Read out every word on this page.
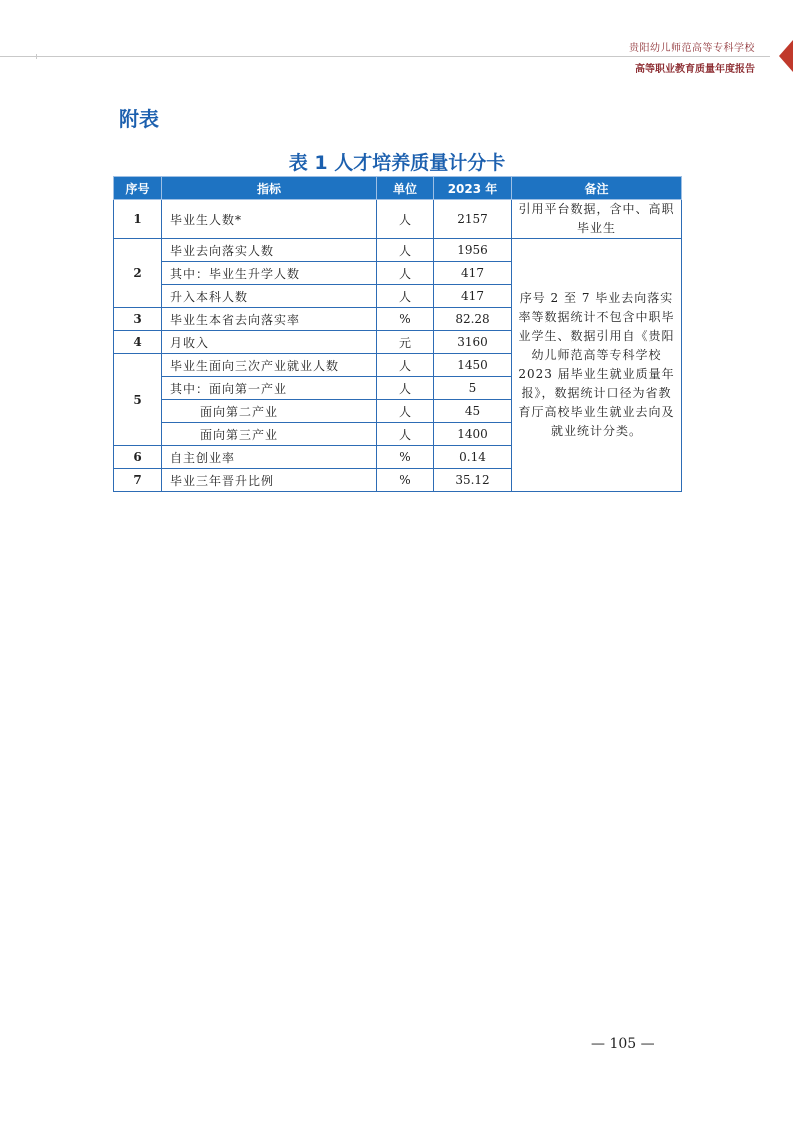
贵阳幼儿师范高等专科学校
高等职业教育质量年度报告
附表
表 1 人才培养质量计分卡
序号	指标	单位	2023 年	备注
1	毕业生人数*	人	2157	引用平台数据，含中、高职毕业生
2	毕业去向落实人数	人	1956	序号 2 至 7 毕业去向落实率等数据统计不包含中职毕业学生、数据引用自《贵阳幼儿师范高等专科学校 2023 届毕业生就业质量年报》，数据统计口径为省教育厅高校毕业生就业去向及就业统计分类。
	其中：毕业生升学人数	人	417	
	升入本科人数	人	417	
3	毕业生本省去向落实率	%	82.28	
4	月收入	元	3160	
5	毕业生面向三次产业就业人数	人	1450	
	其中：面向第一产业	人	5	
	面向第二产业	人	45	
	面向第三产业	人	1400	
6	自主创业率	%	0.14	
7	毕业三年晋升比例	%	35.12	
— 105 —
